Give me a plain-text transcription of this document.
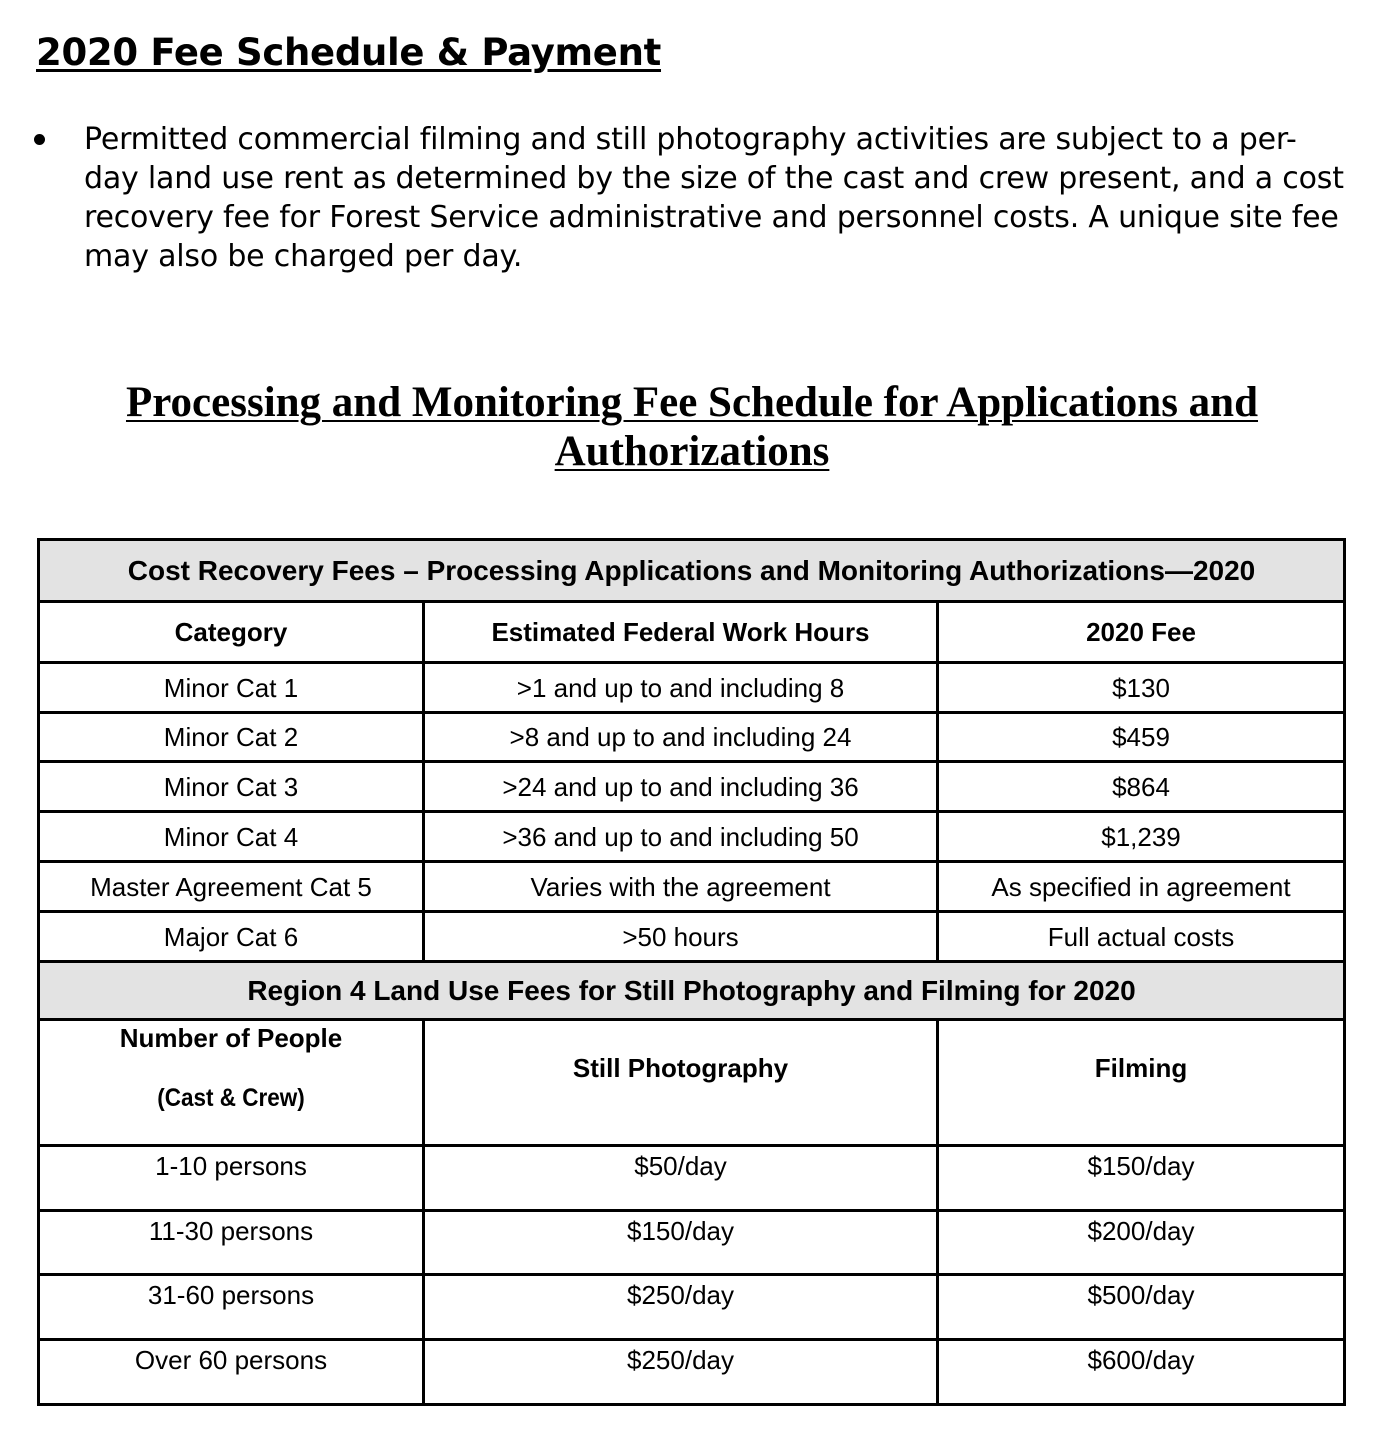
2020 Fee Schedule & Payment
Permitted commercial filming and still photography activities are subject to a per-day land use rent as determined by the size of the cast and crew present, and a cost recovery fee for Forest Service administrative and personnel costs. A unique site fee may also be charged per day.
Processing and Monitoring Fee Schedule for Applications and
Authorizations
Cost Recovery Fees – Processing Applications and Monitoring Authorizations—2020		
Category	Estimated Federal Work Hours	2020 Fee
Minor Cat 1	>1 and up to and including 8	$130
Minor Cat 2	>8 and up to and including 24	$459
Minor Cat 3	>24 and up to and including 36	$864
Minor Cat 4	>36 and up to and including 50	$1,239
Master Agreement Cat 5	Varies with the agreement	As specified in agreement
Major Cat 6	>50 hours	Full actual costs
Region 4 Land Use Fees for Still Photography and Filming for 2020		

Number of People
(Cast & Crew)	Still Photography	Filming
1-10 persons	$50/day	$150/day
11-30 persons	$150/day	$200/day
31-60 persons	$250/day	$500/day
Over 60 persons	$250/day	$600/day
